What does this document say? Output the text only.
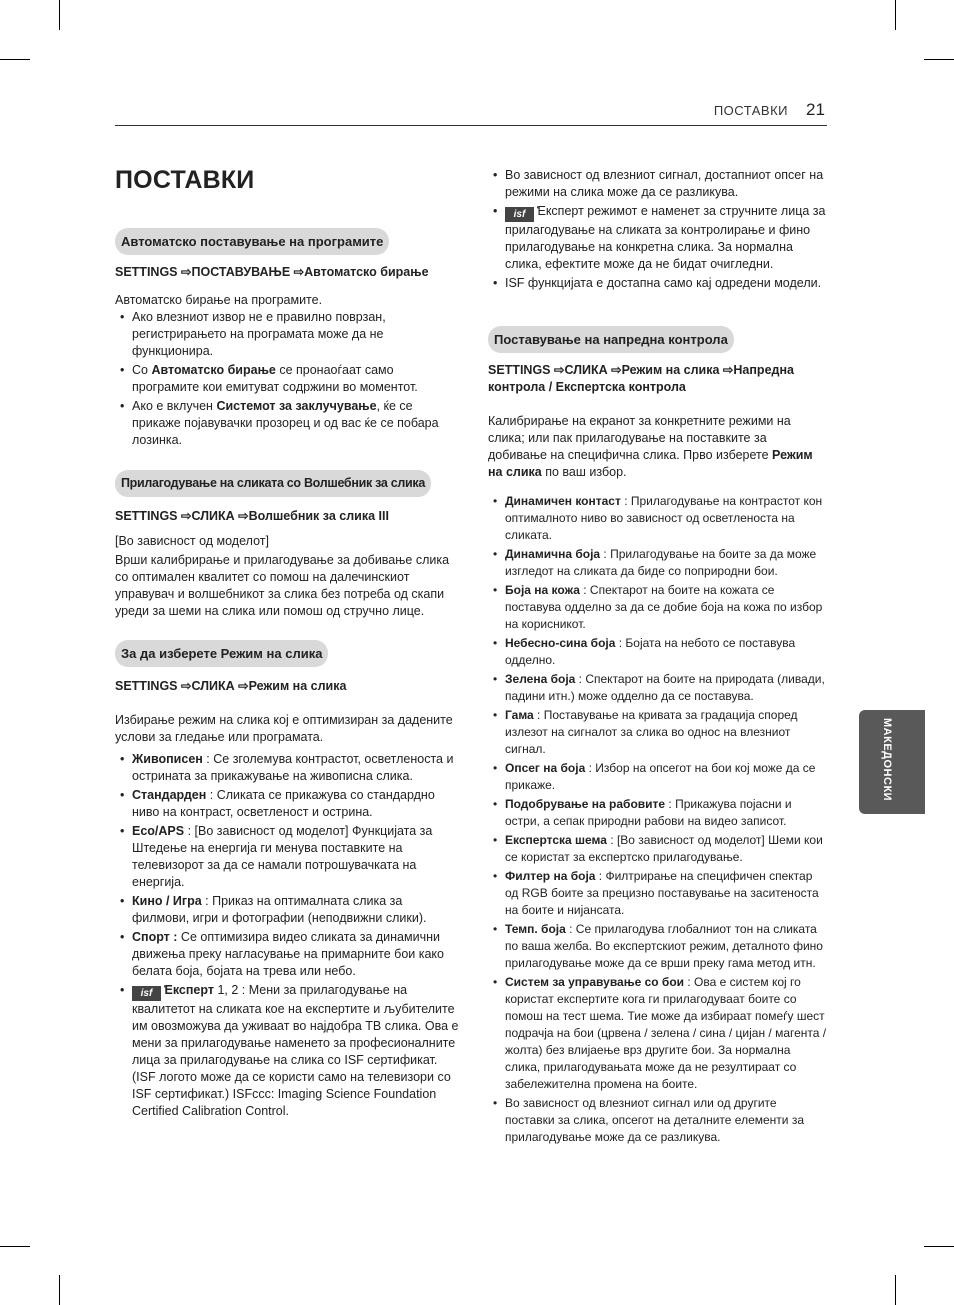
ПОСТАВКИ 21
ПОСТАВКИ
МАКЕДОНСКИ
Автоматско поставување на програмите

SETTINGS ⇨ПОСТАВУВАЊЕ ⇨Автоматско бирање

Автоматско бирање на програмите.

• Ако влезниот извор не е правилно поврзан, регистрирањето на програмата може да не функционира.
• Со Автоматско бирање се пронаоѓаат само програмите кои емитуват содржини во моментот.
• Ако е вклучен Системот за заклучување, ќе се прикаже појавувачки прозорец и од вас ќе се побара лозинка.
Прилагодување на сликата со Волшебник за слика

SETTINGS ⇨СЛИКА ⇨Волшебник за слика III

[Во зависност од моделот]

Врши калибрирање и прилагодување за добивање слика со оптимален квалитет со помош на далечинскиот управувач и волшебникот за слика без потреба од скапи уреди за шеми на слика или помош од стручно лице.

За да изберете Режим на слика

SETTINGS ⇨СЛИКА ⇨Режим на слика

Избирање режим на слика кој е оптимизиран за дадените услови за гледање или програмата.

• Живописен : Се зголемува контрастот, осветленоста и острината за прикажување на живописна слика.
• Стандарден : Сликата се прикажува со стандардно ниво на контраст, осветленост и острина.
• Eco/APS : [Во зависност од моделот] Функцијата за Штедење на енергија ги менува поставките на телевизорот за да се намали потрошувачката на енергија.
• Кино / Игра : Приказ на оптималната слика за филмови, игри и фотографии (неподвижни слики).
• Спорт : Се оптимизира видео сликата за динамични движења преку нагласување на примарните бои како белата боја, бојата на трева или небо.
• isf ● Експерт 1, 2 : Мени за прилагодување на квалитетот на сликата кое на експертите и љубителите им овозможува да уживаат во најдобра ТВ слика. Ова е мени за прилагодување наменето за професионалните лица за прилагодување на слика со ISF сертификат. (ISF логото може да се користи само на телевизори со ISF сертификат.) ISFccc: Imaging Science Foundation Certified Calibration Control.
• Во зависност од влезниот сигнал, достапниот опсег на режими на слика може да се разликува.
• isf ● Експерт режимот е наменет за стручните лица за прилагодување на сликата за контролирање и фино прилагодување на конкретна слика. За нормална слика, ефектите може да не бидат очигледни.
• ISF функцијата е достапна само кај одредени модели.
Поставување на напредна контрола

SETTINGS ⇨СЛИКА ⇨Режим на слика ⇨Напредна контрола / Експертска контрола

Калибрирање на екранот за конкретните режими на слика; или пак прилагодување на поставките за добивање на специфична слика. Прво изберете Режим на слика по ваш избор.

• Динамичен контаст : Прилагодување на контрастот кон оптималното ниво во зависност од осветленоста на сликата.
• Динамична боја : Прилагодување на боите за да може изгледот на сликата да биде со поприродни бои.
• Боја на кожа : Спектарот на боите на кожата се поставува одделно за да се добие боја на кожа по избор на корисникот.
• Небесно-сина боја : Бојата на небото се поставува одделно.
• Зелена боја : Спектарот на боите на природата (ливади, падини итн.) може одделно да се поставува.
• Гама : Поставување на кривата за градација според излезот на сигналот за слика во однос на влезниот сигнал.
• Опсег на боја : Избор на опсегот на бои кој може да се прикаже.
• Подобрување на рабовите : Прикажува појасни и остри, а сепак природни рабови на видео записот.
• Експертска шема : [Во зависност од моделот] Шеми кои се користат за експертско прилагодување.
• Филтер на боја : Филтрирање на специфичен спектар од RGB боите за прецизно поставување на заситеноста на боите и нијансата.
• Темп. боја : Се прилагодува глобалниот тон на сликата по ваша желба. Во експертскиот режим, деталното фино прилагодување може да се врши преку гама метод итн.
• Систем за управување со бои : Ова е систем кој го користат експертите кога ги прилагодуваат боите со помош на тест шема. Тие може да избираат помеѓу шест подрачја на бои (црвена / зелена / сина / цијан / магента / жолта) без влијаење врз другите бои. За нормална слика, прилагодувањата може да не резултираат со забележителна промена на боите.
• Во зависност од влезниот сигнал или од другите поставки за слика, опсегот на деталните елементи за прилагодување може да се разликува.
